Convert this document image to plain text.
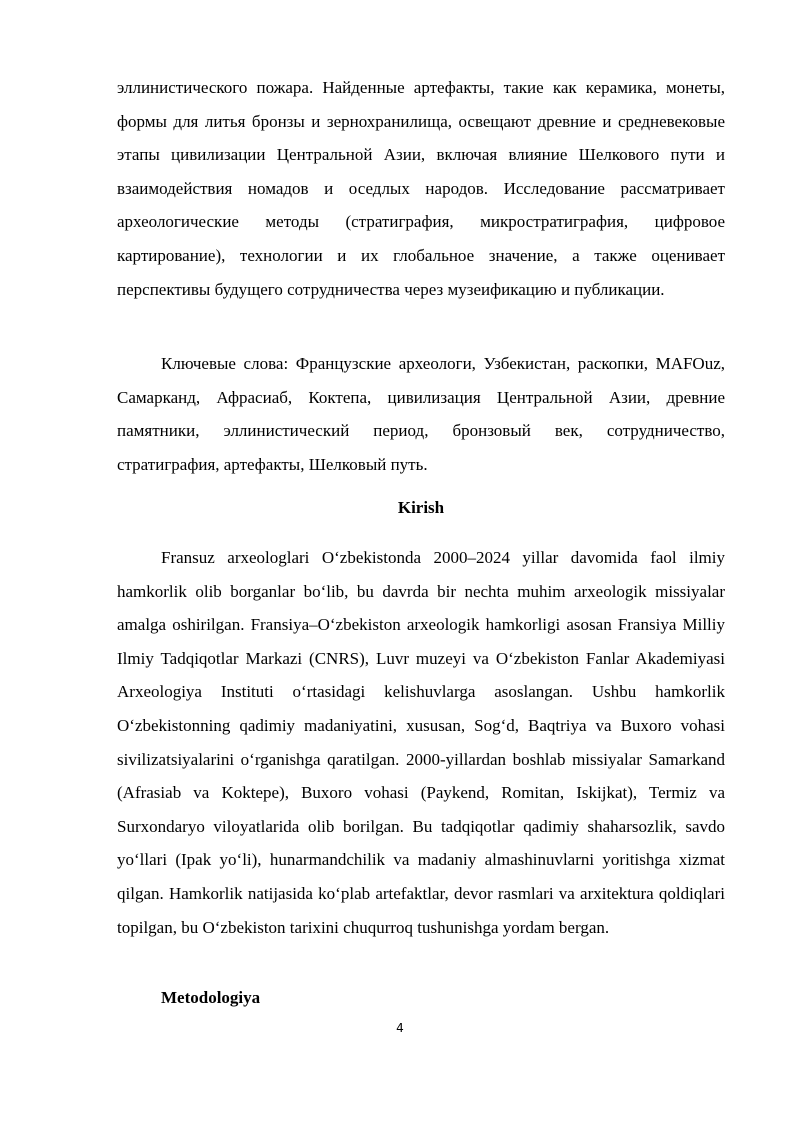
эллинистического пожара. Найденные артефакты, такие как керамика, монеты, формы для литья бронзы и зернохранилища, освещают древние и средневековые этапы цивилизации Центральной Азии, включая влияние Шелкового пути и взаимодействия номадов и оседлых народов. Исследование рассматривает археологические методы (стратиграфия, микростратиграфия, цифровое картирование), технологии и их глобальное значение, а также оценивает перспективы будущего сотрудничества через музеификацию и публикации.

Ключевые слова: Французские археологи, Узбекистан, раскопки, MAFOuz, Самарканд, Афрасиаб, Коктепа, цивилизация Центральной Азии, древние памятники, эллинистический период, бронзовый век, сотрудничество, стратиграфия, артефакты, Шелковый путь.

Kirish

Fransuz arxeologlari Oʻzbekistonda 2000–2024 yillar davomida faol ilmiy hamkorlik olib borganlar boʻlib, bu davrda bir nechta muhim arxeologik missiyalar amalga oshirilgan. Fransiya–Oʻzbekiston arxeologik hamkorligi asosan Fransiya Milliy Ilmiy Tadqiqotlar Markazi (CNRS), Luvr muzeyi va Oʻzbekiston Fanlar Akademiyasi Arxeologiya Instituti oʻrtasidagi kelishuvlarga asoslangan. Ushbu hamkorlik Oʻzbekistonning qadimiy madaniyatini, xususan, Sogʻd, Baqtriya va Buxoro vohasi sivilizatsiyalarini oʻrganishga qaratilgan. 2000-yillardan boshlab missiyalar Samarkand (Afrasiab va Koktepe), Buxoro vohasi (Paykend, Romitan, Iskijkat), Termiz va Surxondaryo viloyatlarida olib borilgan. Bu tadqiqotlar qadimiy shaharsozlik, savdo yoʻllari (Ipak yoʻli), hunarmandchilik va madaniy almashinuvlarni yoritishga xizmat qilgan. Hamkorlik natijasida koʻplab artefaktlar, devor rasmlari va arxitektura qoldiqlari topilgan, bu Oʻzbekiston tarixini chuqurroq tushunishga yordam bergan.

Metodologiya
4
